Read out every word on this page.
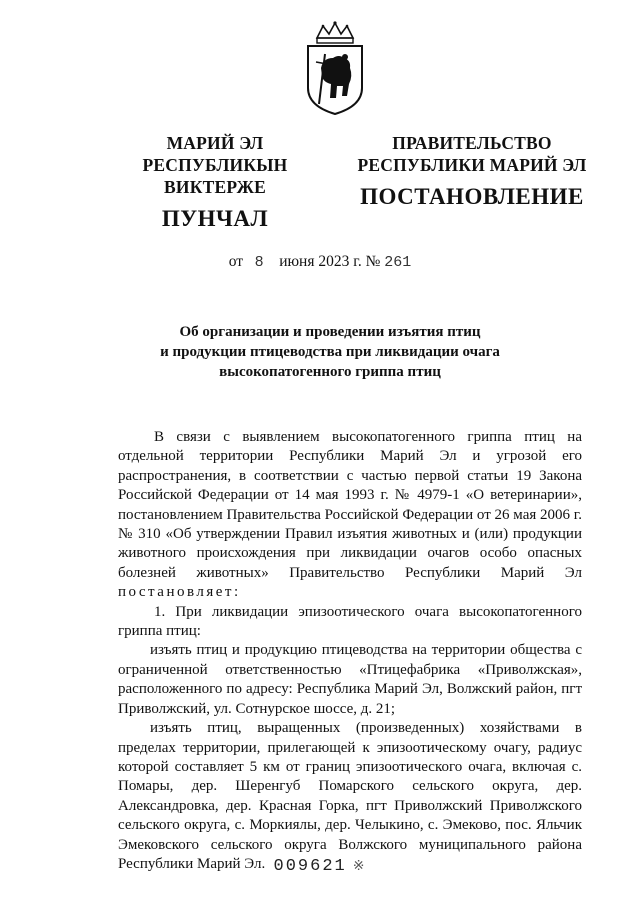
МАРИЙ ЭЛ РЕСПУБЛИКЫН
ВИКТЕРЖЕ
ПУНЧАЛ
ПРАВИТЕЛЬСТВО
РЕСПУБЛИКИ МАРИЙ ЭЛ
ПОСТАНОВЛЕНИЕ
от 8 июня 2023 г. № 261
Об организации и проведении изъятия птиц
и продукции птицеводства при ликвидации очага
высокопатогенного гриппа птиц

В связи с выявлением высокопатогенного гриппа птиц на отдельной территории Республики Марий Эл и угрозой его распространения, в соответствии с частью первой статьи 19 Закона Российской Федерации от 14 мая 1993 г. № 4979-1 «О ветеринарии», постановлением Правительства Российской Федерации от 26 мая 2006 г. № 310 «Об утверждении Правил изъятия животных и (или) продукции животного происхождения при ликвидации очагов особо опасных болезней животных» Правительство Республики Марий Эл постановляет:

1. При ликвидации эпизоотического очага высокопатогенного гриппа птиц:

изъять птиц и продукцию птицеводства на территории общества с ограниченной ответственностью «Птицефабрика «Приволжская», расположенного по адресу: Республика Марий Эл, Волжский район, пгт Приволжский, ул. Сотнурское шоссе, д. 21;

изъять птиц, выращенных (произведенных) хозяйствами в пределах территории, прилегающей к эпизоотическому очагу, радиус которой составляет 5 км от границ эпизоотического очага, включая с. Помары, дер. Шеренгуб Помарского сельского округа, дер. Александровка, дер. Красная Горка, пгт Приволжский Приволжского сельского округа, с. Моркиялы, дер. Челыкино, с. Эмеково, пос. Яльчик Эмековского сельского округа Волжского муниципального района Республики Марий Эл. 009621 ※
